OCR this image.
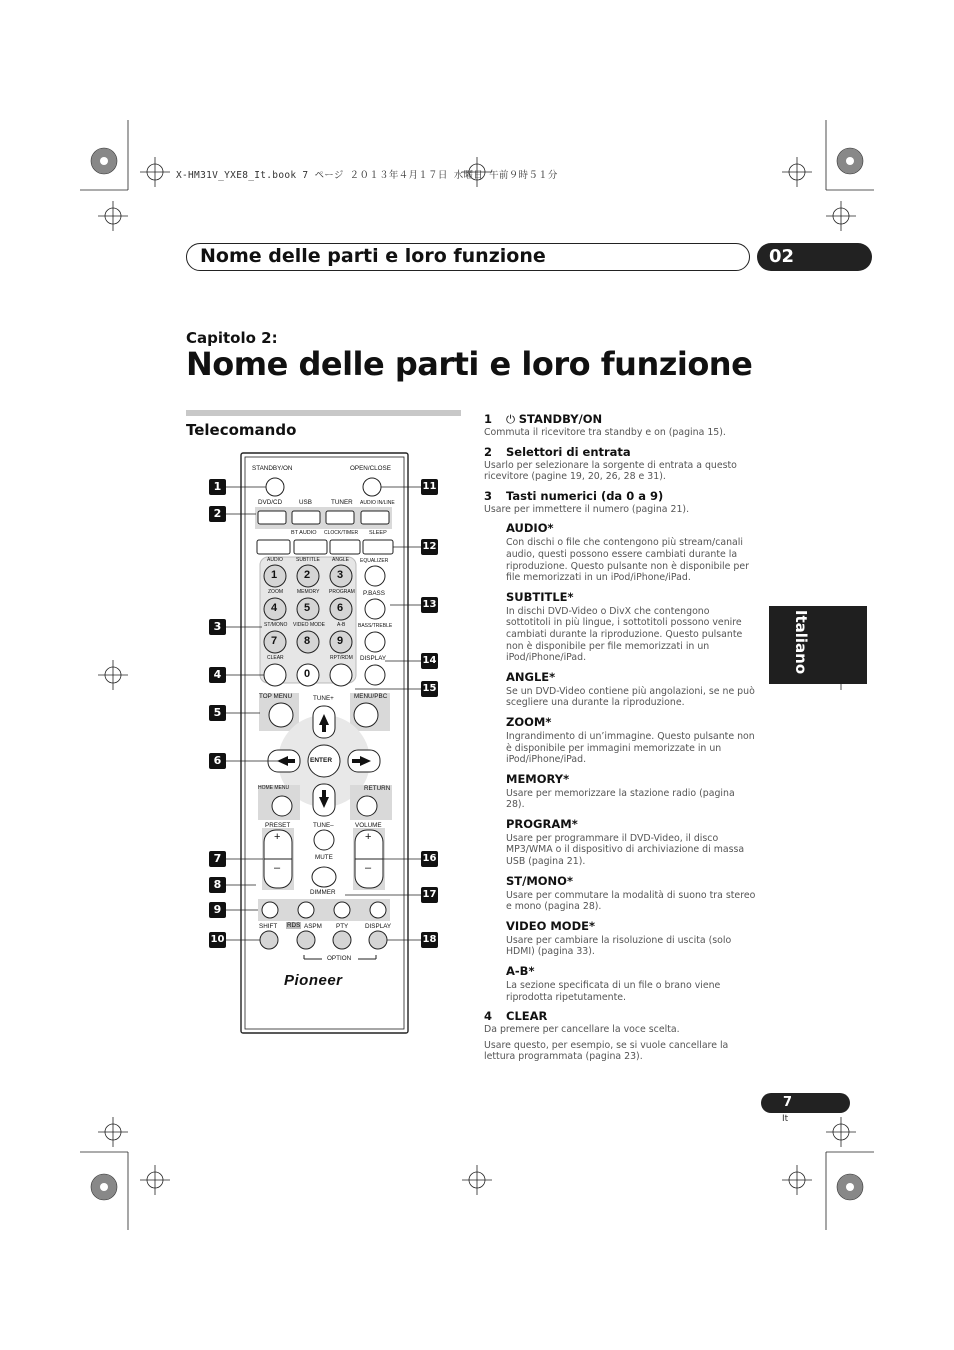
X-HM31V_YXE8_It.book 7 ページ ２０１３年４月１７日 水曜日 午前９時５１分
Nome delle parti e loro funzione	02
Capitolo 2:
Nome delle parti e loro funzione
Telecomando
Italiano
STANDBY/ON	OPEN/CLOSE
DVD/CD	USB	TUNER AUDIO IN/LINE
BT AUDIO CLOCK/TIMER SLEEP
AUDIO	SUBTITLE ANGLE EQUALIZER
ZOOM	MEMORY PROGRAM P.BASS
ST/MONO VIDEO MODE A-B	BASS/TREBLE
CLEAR	RPT/RDM DISPLAY
TOP MENU	TUNE+	MENU/PBC
ENTER
HOME MENU	RETURN
PRESET	TUNE–	VOLUME
MUTE
DIMMER
+
–
+
–
SHIFT RDS ASPM PTY	DISPLAY
OPTION
Pioneer
1 2 3
4 5 6
7 8 9
0
1
2
3
4
5
6
7
8
9
10
11
12
13
14
15
16
17
18
1 ⏻ STANDBY/ON
Commuta il ricevitore tra standby e on (pagina 15).
2 Selettori di entrata
Usarlo per selezionare la sorgente di entrata a questo ricevitore (pagine 19, 20, 26, 28 e 31).
3 Tasti numerici (da 0 a 9)
Usare per immettere il numero (pagina 21).
AUDIO*
Con dischi o file che contengono più stream/canali audio, questi possono essere cambiati durante la riproduzione. Questo pulsante non è disponibile per file memorizzati in un iPod/iPhone/iPad.
SUBTITLE*
In dischi DVD-Video o DivX che contengono sottotitoli in più lingue, i sottotitoli possono venire cambiati durante la riproduzione. Questo pulsante non è disponibile per file memorizzati in un iPod/iPhone/iPad.
ANGLE*
Se un DVD-Video contiene più angolazioni, se ne può scegliere una durante la riproduzione.
ZOOM*
Ingrandimento di un’immagine. Questo pulsante non è disponibile per immagini memorizzate in un iPod/iPhone/iPad.
MEMORY*
Usare per memorizzare la stazione radio (pagina 28).
PROGRAM*
Usare per programmare il DVD-Video, il disco MP3/WMA o il dispositivo di archiviazione di massa USB (pagina 21).
ST/MONO*
Usare per commutare la modalità di suono tra stereo e mono (pagina 28).
VIDEO MODE*
Usare per cambiare la risoluzione di uscita (solo HDMI) (pagina 33).
A-B*
La sezione specificata di un file o brano viene riprodotta ripetutamente.
4 CLEAR
Da premere per cancellare la voce scelta.
Usare questo, per esempio, se si vuole cancellare la lettura programmata (pagina 23).
7
It
